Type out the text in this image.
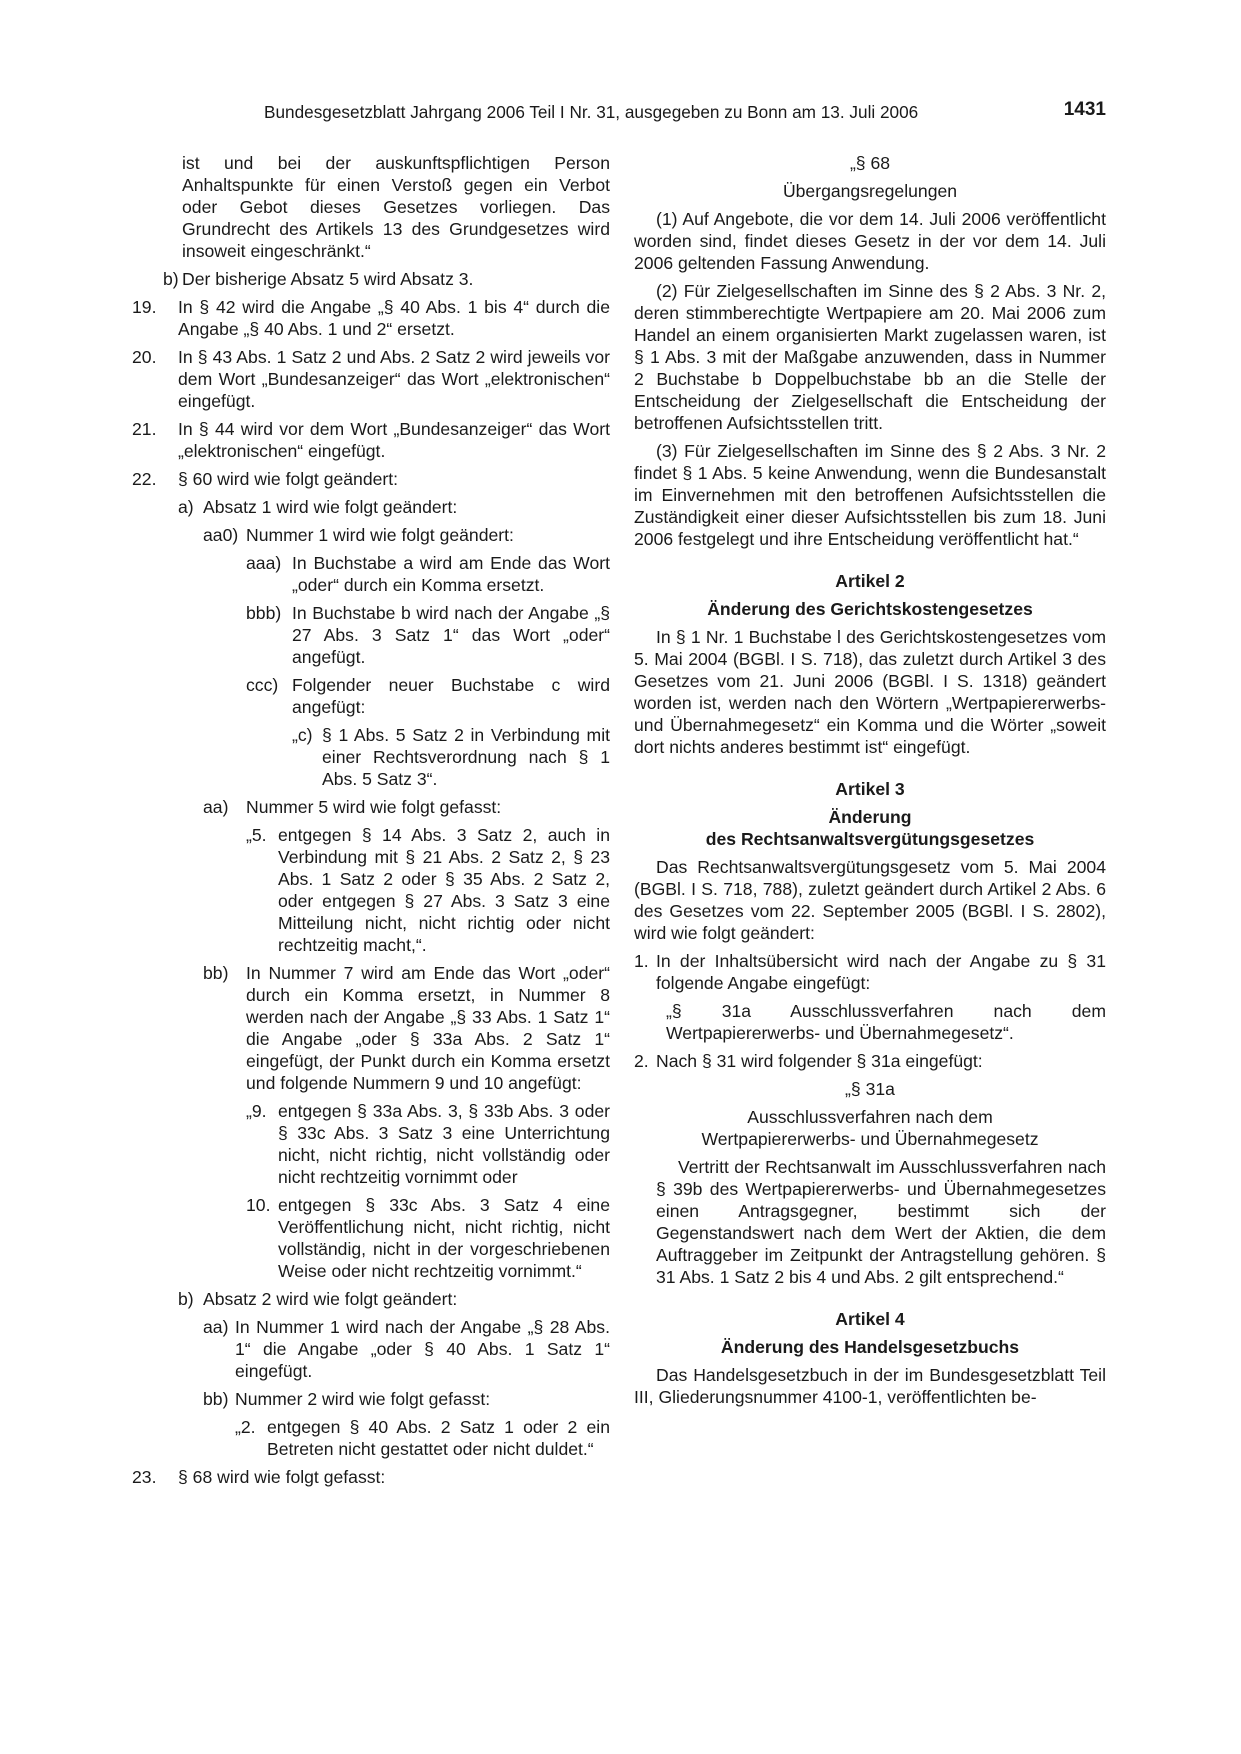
Bundesgesetzblatt Jahrgang 2006 Teil I Nr. 31, ausgegeben zu Bonn am 13. Juli 2006	1431
ist und bei der auskunftspflichtigen Person Anhaltspunkte für einen Verstoß gegen ein Verbot oder Gebot dieses Gesetzes vorliegen. Das Grundrecht des Artikels 13 des Grundgesetzes wird insoweit eingeschränkt.“
b) Der bisherige Absatz 5 wird Absatz 3.
19.	In § 42 wird die Angabe „§ 40 Abs. 1 bis 4“ durch die Angabe „§ 40 Abs. 1 und 2“ ersetzt.
20.	In § 43 Abs. 1 Satz 2 und Abs. 2 Satz 2 wird jeweils vor dem Wort „Bundesanzeiger“ das Wort „elektronischen“ eingefügt.
21.	In § 44 wird vor dem Wort „Bundesanzeiger“ das Wort „elektronischen“ eingefügt.
22.	§ 60 wird wie folgt geändert:
a) Absatz 1 wird wie folgt geändert:
aa0) Nummer 1 wird wie folgt geändert:
aaa) In Buchstabe a wird am Ende das Wort „oder“ durch ein Komma ersetzt.
bbb) In Buchstabe b wird nach der Angabe „§ 27 Abs. 3 Satz 1“ das Wort „oder“ angefügt.
ccc) Folgender neuer Buchstabe c wird angefügt:
„c) § 1 Abs. 5 Satz 2 in Verbindung mit einer Rechtsverordnung nach § 1 Abs. 5 Satz 3“.
aa) Nummer 5 wird wie folgt gefasst:
„5. entgegen § 14 Abs. 3 Satz 2, auch in Verbindung mit § 21 Abs. 2 Satz 2, § 23 Abs. 1 Satz 2 oder § 35 Abs. 2 Satz 2, oder entgegen § 27 Abs. 3 Satz 3 eine Mitteilung nicht, nicht richtig oder nicht rechtzeitig macht,“.
bb) In Nummer 7 wird am Ende das Wort „oder“ durch ein Komma ersetzt, in Nummer 8 werden nach der Angabe „§ 33 Abs. 1 Satz 1“ die Angabe „oder § 33a Abs. 2 Satz 1“ eingefügt, der Punkt durch ein Komma ersetzt und folgende Nummern 9 und 10 angefügt:
„9. entgegen § 33a Abs. 3, § 33b Abs. 3 oder § 33c Abs. 3 Satz 3 eine Unterrichtung nicht, nicht richtig, nicht vollständig oder nicht rechtzeitig vornimmt oder
10. entgegen § 33c Abs. 3 Satz 4 eine Veröffentlichung nicht, nicht richtig, nicht vollständig, nicht in der vorgeschriebenen Weise oder nicht rechtzeitig vornimmt.“
b) Absatz 2 wird wie folgt geändert:
aa) In Nummer 1 wird nach der Angabe „§ 28 Abs. 1“ die Angabe „oder § 40 Abs. 1 Satz 1“ eingefügt.
bb) Nummer 2 wird wie folgt gefasst:
„2. entgegen § 40 Abs. 2 Satz 1 oder 2 ein Betreten nicht gestattet oder nicht duldet.“
23.	§ 68 wird wie folgt gefasst:
„§ 68
Übergangsregelungen
(1) Auf Angebote, die vor dem 14. Juli 2006 veröffentlicht worden sind, findet dieses Gesetz in der vor dem 14. Juli 2006 geltenden Fassung Anwendung.
(2) Für Zielgesellschaften im Sinne des § 2 Abs. 3 Nr. 2, deren stimmberechtigte Wertpapiere am 20. Mai 2006 zum Handel an einem organisierten Markt zugelassen waren, ist § 1 Abs. 3 mit der Maßgabe anzuwenden, dass in Nummer 2 Buchstabe b Doppelbuchstabe bb an die Stelle der Entscheidung der Zielgesellschaft die Entscheidung der betroffenen Aufsichtsstellen tritt.
(3) Für Zielgesellschaften im Sinne des § 2 Abs. 3 Nr. 2 findet § 1 Abs. 5 keine Anwendung, wenn die Bundesanstalt im Einvernehmen mit den betroffenen Aufsichtsstellen die Zuständigkeit einer dieser Aufsichtsstellen bis zum 18. Juni 2006 festgelegt und ihre Entscheidung veröffentlicht hat.“
Artikel 2
Änderung des Gerichtskostengesetzes
In § 1 Nr. 1 Buchstabe l des Gerichtskostengesetzes vom 5. Mai 2004 (BGBl. I S. 718), das zuletzt durch Artikel 3 des Gesetzes vom 21. Juni 2006 (BGBl. I S. 1318) geändert worden ist, werden nach den Wörtern „Wertpapiererwerbs- und Übernahmegesetz“ ein Komma und die Wörter „soweit dort nichts anderes bestimmt ist“ eingefügt.
Artikel 3
Änderung
des Rechtsanwaltsvergütungsgesetzes
Das Rechtsanwaltsvergütungsgesetz vom 5. Mai 2004 (BGBl. I S. 718, 788), zuletzt geändert durch Artikel 2 Abs. 6 des Gesetzes vom 22. September 2005 (BGBl. I S. 2802), wird wie folgt geändert:
1. In der Inhaltsübersicht wird nach der Angabe zu § 31 folgende Angabe eingefügt:
„§ 31a Ausschlussverfahren nach dem Wertpapiererwerbs- und Übernahmegesetz“.
2. Nach § 31 wird folgender § 31a eingefügt:
„§ 31a
Ausschlussverfahren nach dem
Wertpapiererwerbs- und Übernahmegesetz
Vertritt der Rechtsanwalt im Ausschlussverfahren nach § 39b des Wertpapiererwerbs- und Übernahmegesetzes einen Antragsgegner, bestimmt sich der Gegenstandswert nach dem Wert der Aktien, die dem Auftraggeber im Zeitpunkt der Antragstellung gehören. § 31 Abs. 1 Satz 2 bis 4 und Abs. 2 gilt entsprechend.“
Artikel 4
Änderung des Handelsgesetzbuchs
Das Handelsgesetzbuch in der im Bundesgesetzblatt Teil III, Gliederungsnummer 4100-1, veröffentlichten be-
